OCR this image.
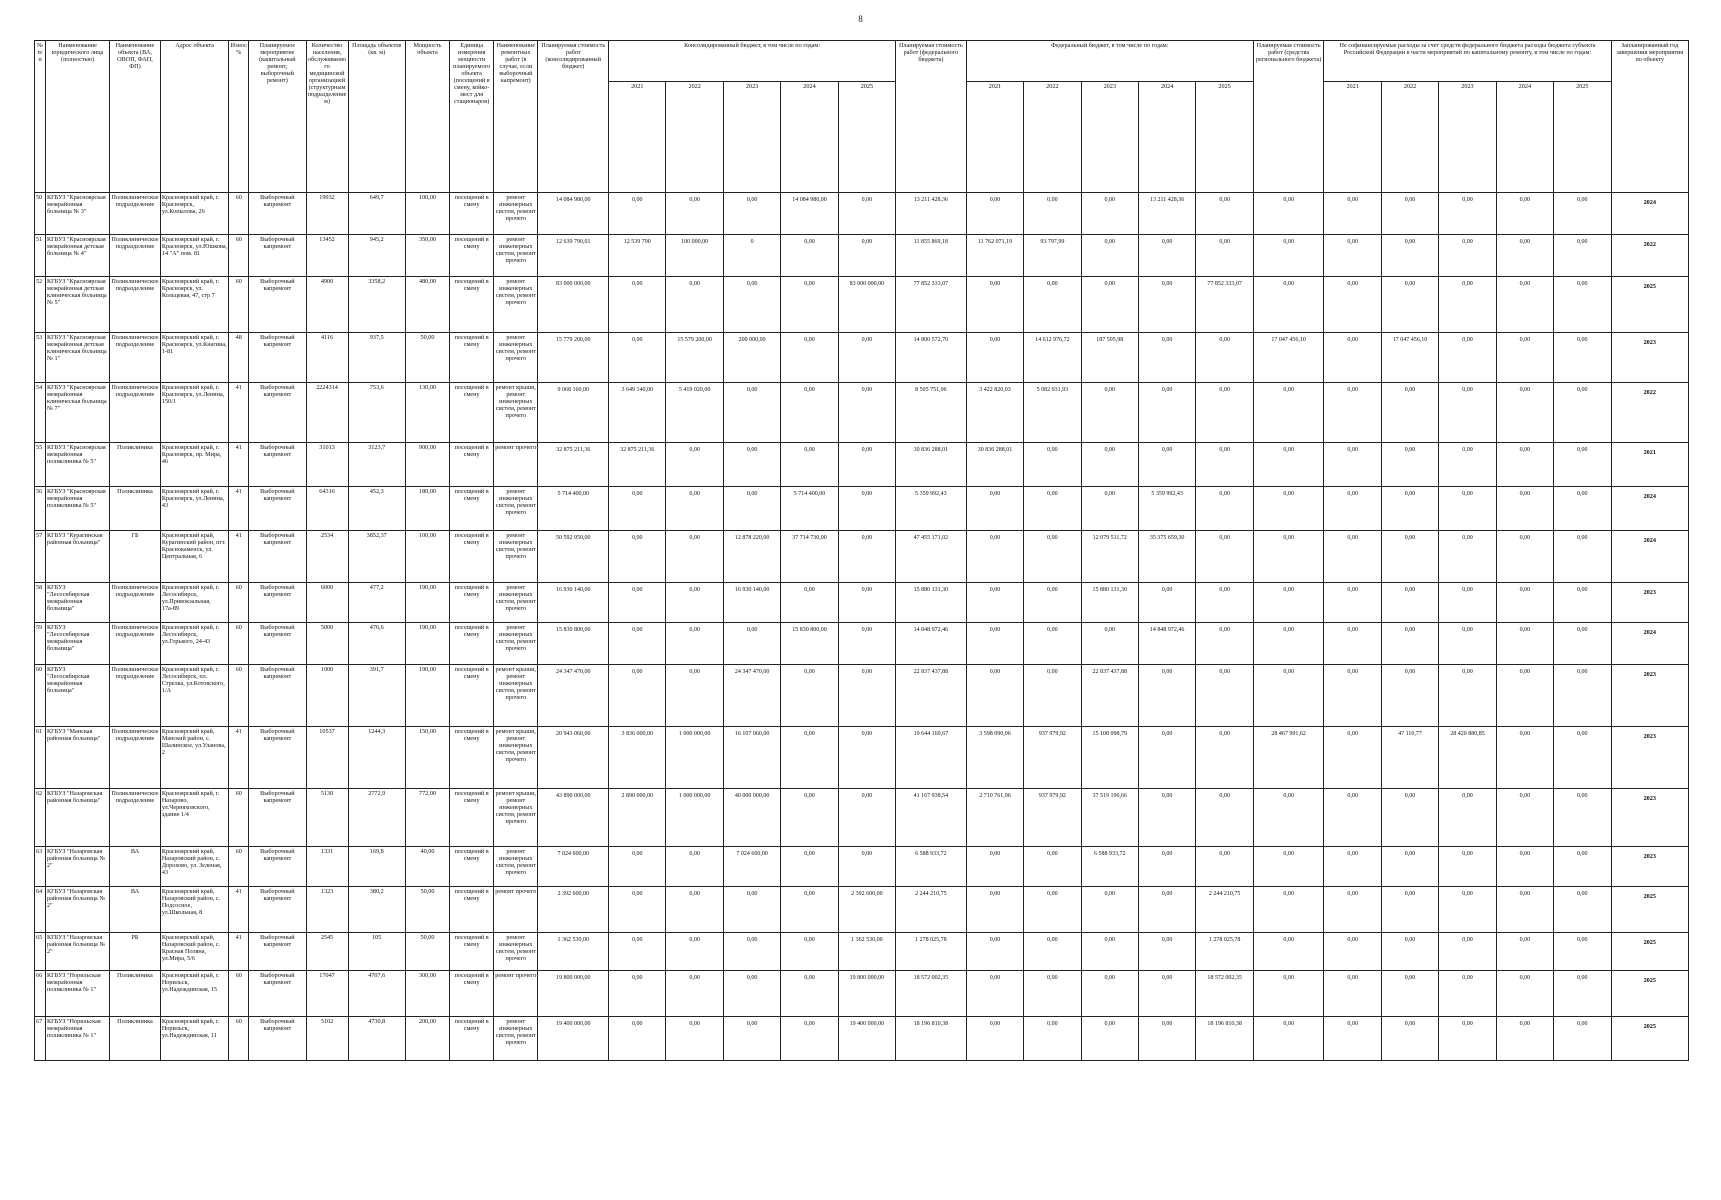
8
№ п/п	Наименование юридического лица (полностью)	Наименование объекта (ВА, ОВОП, ФАП, ФП)	Адрос объекта	Износ %	Планируемое мероприятие (капитальный ремонт, выборочный ремонт)	Количество населения, обслуживаемого медицинской организацией (структурным подразделением)	Площадь объектов (кв. м)	Мощность объекта	Единица измерения мощности планируемого объекта (посещений в смену, койко-мест для стационаров)	Наименование ремонтных работ (в случае, если выборочный капремонт)	Планируемая стоимость работ (консолидированный бюджет)	Консолидированный бюджет, в том числе по годам:					Планируемая стоимость работ (федерального бюджета)	Федеральный бюджет, в том числе по годам:					Планируемая стоимость работ (средства регионального бюджета)	Не софинансируемые расходы за счет средств федерального бюджета расходы бюджета субъекта Российской Федерации в части мероприятий по капитальному ремонту, в том числе по годам:					Запланированный год завершения мероприятия по объекту
												2021	2022	2023	2024	2025		2021	2022	2023	2024	2025		2021	2022	2023	2024	2025	
50	КГБУЗ "Красноярская межрайонная больница № 3"	Поликлиническое подразделение	Красноярский край, г. Красноярск, ул.Копылова, 26	60	Выборочный капремонт	19932	649,7	100,00	посещений в смену	ремонт инженерных систем, ремонт прочего	14 084 980,00	0,00	0,00	0,00	14 084 980,00	0,00	13 211 428,36	0,00	0,00	0,00	13 211 428,36	0,00	0,00	0,00	0,00	0,00	0,00	0,00	2024
51	КГБУЗ "Красноярская межрайонная детская больница № 4"	Поликлиническое подразделение	Красноярский край, г. Красноярск, ул.Юшкова, 14 "А" пом. 81	60	Выборочный капремонт	13452	945,2	350,00	посещений в смену	ремонт инженерных систем, ремонт прочего	12 639 790,01	12 539 790	100 000,00	0	0,00	0,00	11 855 869,18	11 762 071,19	93 797,99	0,00	0,00	0,00	0,00	0,00	0,00	0,00	0,00	0,00	2022
52	КГБУЗ "Красноярская межрайонная детская клиническая больница № 5"	Поликлиническое подразделение	Красноярский край, г. Красноярск, ул. Кольцевая, 47, стр 7	60	Выборочный капремонт	4900	3358,2	480,00	посещений в смену	ремонт инженерных систем, ремонт прочего	83 000 000,00	0,00	0,00	0,00	0,00	83 000 000,00	77 852 333,07	0,00	0,00	0,00	0,00	77 852 333,07	0,00	0,00	0,00	0,00	0,00	0,00	2025
53	КГБУЗ "Красноярская межрайонная детская клиническая больница № 1"	Поликлиническое подразделение	Красноярский край, г. Красноярск, ул.Кнагина, 1-81	48	Выборочный капремонт	4116	937,5	50,00	посещений в смену	ремонт инженерных систем, ремонт прочего	15 779 200,00	0,00	15 579 200,00	200 000,00	0,00	0,00	14 800 572,70	0,00	14 612 976,72	187 595,98	0,00	0,00	17 047 456,10	0,00	17 047 456,10	0,00	0,00	0,00	2023
54	КГБУЗ "Красноярская межрайонная клиническая больница № 7"	Поликлиническое подразделение	Красноярский край, г. Красноярск, ул.Ленина, 150/1	41	Выборочный капремонт	2224314	753,6	130,00	посещений в смену	ремонт крыши, ремонт инженерных систем, ремонт прочего	9 068 160,00	3 649 140,00	5 419 020,00	0,00	0,00	0,00	8 505 751,96	3 422 820,03	5 082 931,93	0,00	0,00	0,00	0,00	0,00	0,00	0,00	0,00	0,00	2022
55	КГБУЗ "Красноярская межрайонная поликлиника № 5"	Поликлиника	Красноярский край, г. Красноярск, пр. Мира, 46	41	Выборочный капремонт	31013	3123,7	900,00	посещений в смену	ремонт прочего	32 875 211,36	32 875 211,36	0,00	0,00	0,00	0,00	30 836 288,01	30 836 288,01	0,00	0,00	0,00	0,00	0,00	0,00	0,00	0,00	0,00	0,00	2021
56	КГБУЗ "Красноярская межрайонная поликлиника № 5"	Поликлиника	Красноярский край, г. Красноярск, ул.Ленина, 43	41	Выборочный капремонт	64316	452,3	180,00	посещений в смену	ремонт инженерных систем, ремонт прочего	5 714 400,00	0,00	0,00	0,00	5 714 400,00	0,00	5 359 992,43	0,00	0,00	0,00	5 359 992,43	0,00	0,00	0,00	0,00	0,00	0,00	0,00	2024
57	КГБУЗ "Курагинская районная больница"	ГБ	Красноярский край, Курагинский район, пгт. Краснокаменск, ул. Центральная, 6	41	Выборочный капремонт	2534	3852,37	100,00	посещений в смену	ремонт инженерных систем, ремонт прочего	50 592 950,00	0,00	0,00	12 878 220,00	37 714 730,00	0,00	47 455 171,02	0,00	0,00	12 079 511,72	35 375 659,30	0,00	0,00	0,00	0,00	0,00	0,00	0,00	2024
58	КГБУЗ "Лесосибирская межрайонная больница"	Поликлиническое подразделение	Красноярский край, г. Лесосибирск, ул.Привокзальная, 17а-89	60	Выборочный капремонт	6000	477,2	190,00	посещений в смену	ремонт инженерных систем, ремонт прочего	16 930 140,00	0,00	0,00	16 930 140,00	0,00	0,00	15 880 131,30	0,00	0,00	15 880 131,30	0,00	0,00	0,00	0,00	0,00	0,00	0,00	0,00	2023
59	КГБУЗ "Лесосибирская межрайонная больница"	Поликлиническое подразделение	Красноярский край, г. Лесосибирск, ул.Горького, 24-43	60	Выборочный капремонт	5000	476,6	190,00	посещений в смену	ремонт инженерных систем, ремонт прочего	15 830 800,00	0,00	0,00	0,00	15 830 800,00	0,00	14 848 972,46	0,00	0,00	0,00	14 848 972,46	0,00	0,00	0,00	0,00	0,00	0,00	0,00	2024
60	КГБУЗ "Лесосибирская межрайонная больница"	Поликлиническое подразделение	Красноярский край, г. Лесосибирск, пл. Стрелка, ул.Котовского, 1/А	60	Выборочный капремонт	1000	391,7	190,00	посещений в смену	ремонт крыши, ремонт инженерных систем, ремонт прочего	24 347 470,00	0,00	0,00	24 347 470,00	0,00	0,00	22 837 437,88	0,00	0,00	22 837 437,88	0,00	0,00	0,00	0,00	0,00	0,00	0,00	0,00	2023
61	КГБУЗ "Манская районная больница"	Поликлиническое подразделение	Красноярский край, Манский район, с. Шалинское, ул.Уланова, 2	41	Выборочный капремонт	10537	1244,3	150,00	посещений в смену	ремонт крыши, ремонт инженерных систем, ремонт прочего	20 943 060,00	3 836 000,00	1 000 000,00	16 107 060,00	0,00	0,00	19 644 169,67	3 598 090,96	937 979,92	15 108 098,79	0,00	0,00	28 467 991,62	0,00	47 110,77	28 420 880,85	0,00	0,00	2023
62	КГБУЗ "Назаровская районная больница"	Поликлиническое подразделение	Красноярский край, г. Назарово, ул.Черняховского, здание 1/4	60	Выборочный капремонт	5130	2772,9	772,00	посещений в смену	ремонт крыши, ремонт инженерных систем, ремонт прочего	43 890 000,00	2 890 000,00	1 000 000,00	40 000 000,00	0,00	0,00	41 167 938,54	2 710 761,96	937 979,92	37 519 196,66	0,00	0,00	0,00	0,00	0,00	0,00	0,00	0,00	2023
63	КГБУЗ "Назаровская районная больница № 2"	ВА	Красноярский край, Назаровский район, с. Дорохово, ул. Зеленая, 43	60	Выборочный капремонт	1331	169,8	40,00	посещений в смену	ремонт инженерных систем, ремонт прочего	7 024 600,00	0,00	0,00	7 024 600,00	0,00	0,00	6 588 933,72	0,00	0,00	6 588 933,72	0,00	0,00	0,00	0,00	0,00	0,00	0,00	0,00	2023
64	КГБУЗ "Назаровская районная больница № 2"	ВА	Красноярский край, Назаровский район, с. Подсосное, ул.Школьная, 8	41	Выборочный капремонт	1323	380,2	50,00	посещений в смену	ремонт прочего	2 392 600,00	0,00	0,00	0,00	0,00	2 392 600,00	2 244 210,75	0,00	0,00	0,00	0,00	2 244 210,75	0,00	0,00	0,00	0,00	0,00	0,00	2025
65	КГБУЗ "Назаровская районная больница № 2"	РБ	Красноярский край, Назаровский район, с. Красная Поляна, ул.Мира, 5/6	41	Выборочный капремонт	2545	105	50,00	посещений в смену	ремонт инженерных систем, ремонт прочего	1 362 530,00	0,00	0,00	0,00	0,00	1 362 530,00	1 278 025,78	0,00	0,00	0,00	0,00	1 278 025,78	0,00	0,00	0,00	0,00	0,00	0,00	2025
66	КГБУЗ "Норильская межрайонная поликлиника № 1"	Поликлиника	Красноярский край, г. Норильск, ул.Надеждинская, 15	60	Выборочный капремонт	17047	4707,6	300,00	посещений в смену	ремонт прочего	19 800 000,00	0,00	0,00	0,00	0,00	19 800 000,00	18 572 002,35	0,00	0,00	0,00	0,00	18 572 002,35	0,00	0,00	0,00	0,00	0,00	0,00	2025
67	КГБУЗ "Норильская межрайонная поликлиника № 1"	Поликлиника	Красноярский край, г. Норильск, ул.Надеждинская, 11	60	Выборочный капремонт	5102	4730,8	200,00	посещений в смену	ремонт инженерных систем, ремонт прочего	19 400 000,00	0,00	0,00	0,00	0,00	19 400 000,00	18 196 810,38	0,00	0,00	0,00	0,00	18 196 810,38	0,00	0,00	0,00	0,00	0,00	0,00	2025
